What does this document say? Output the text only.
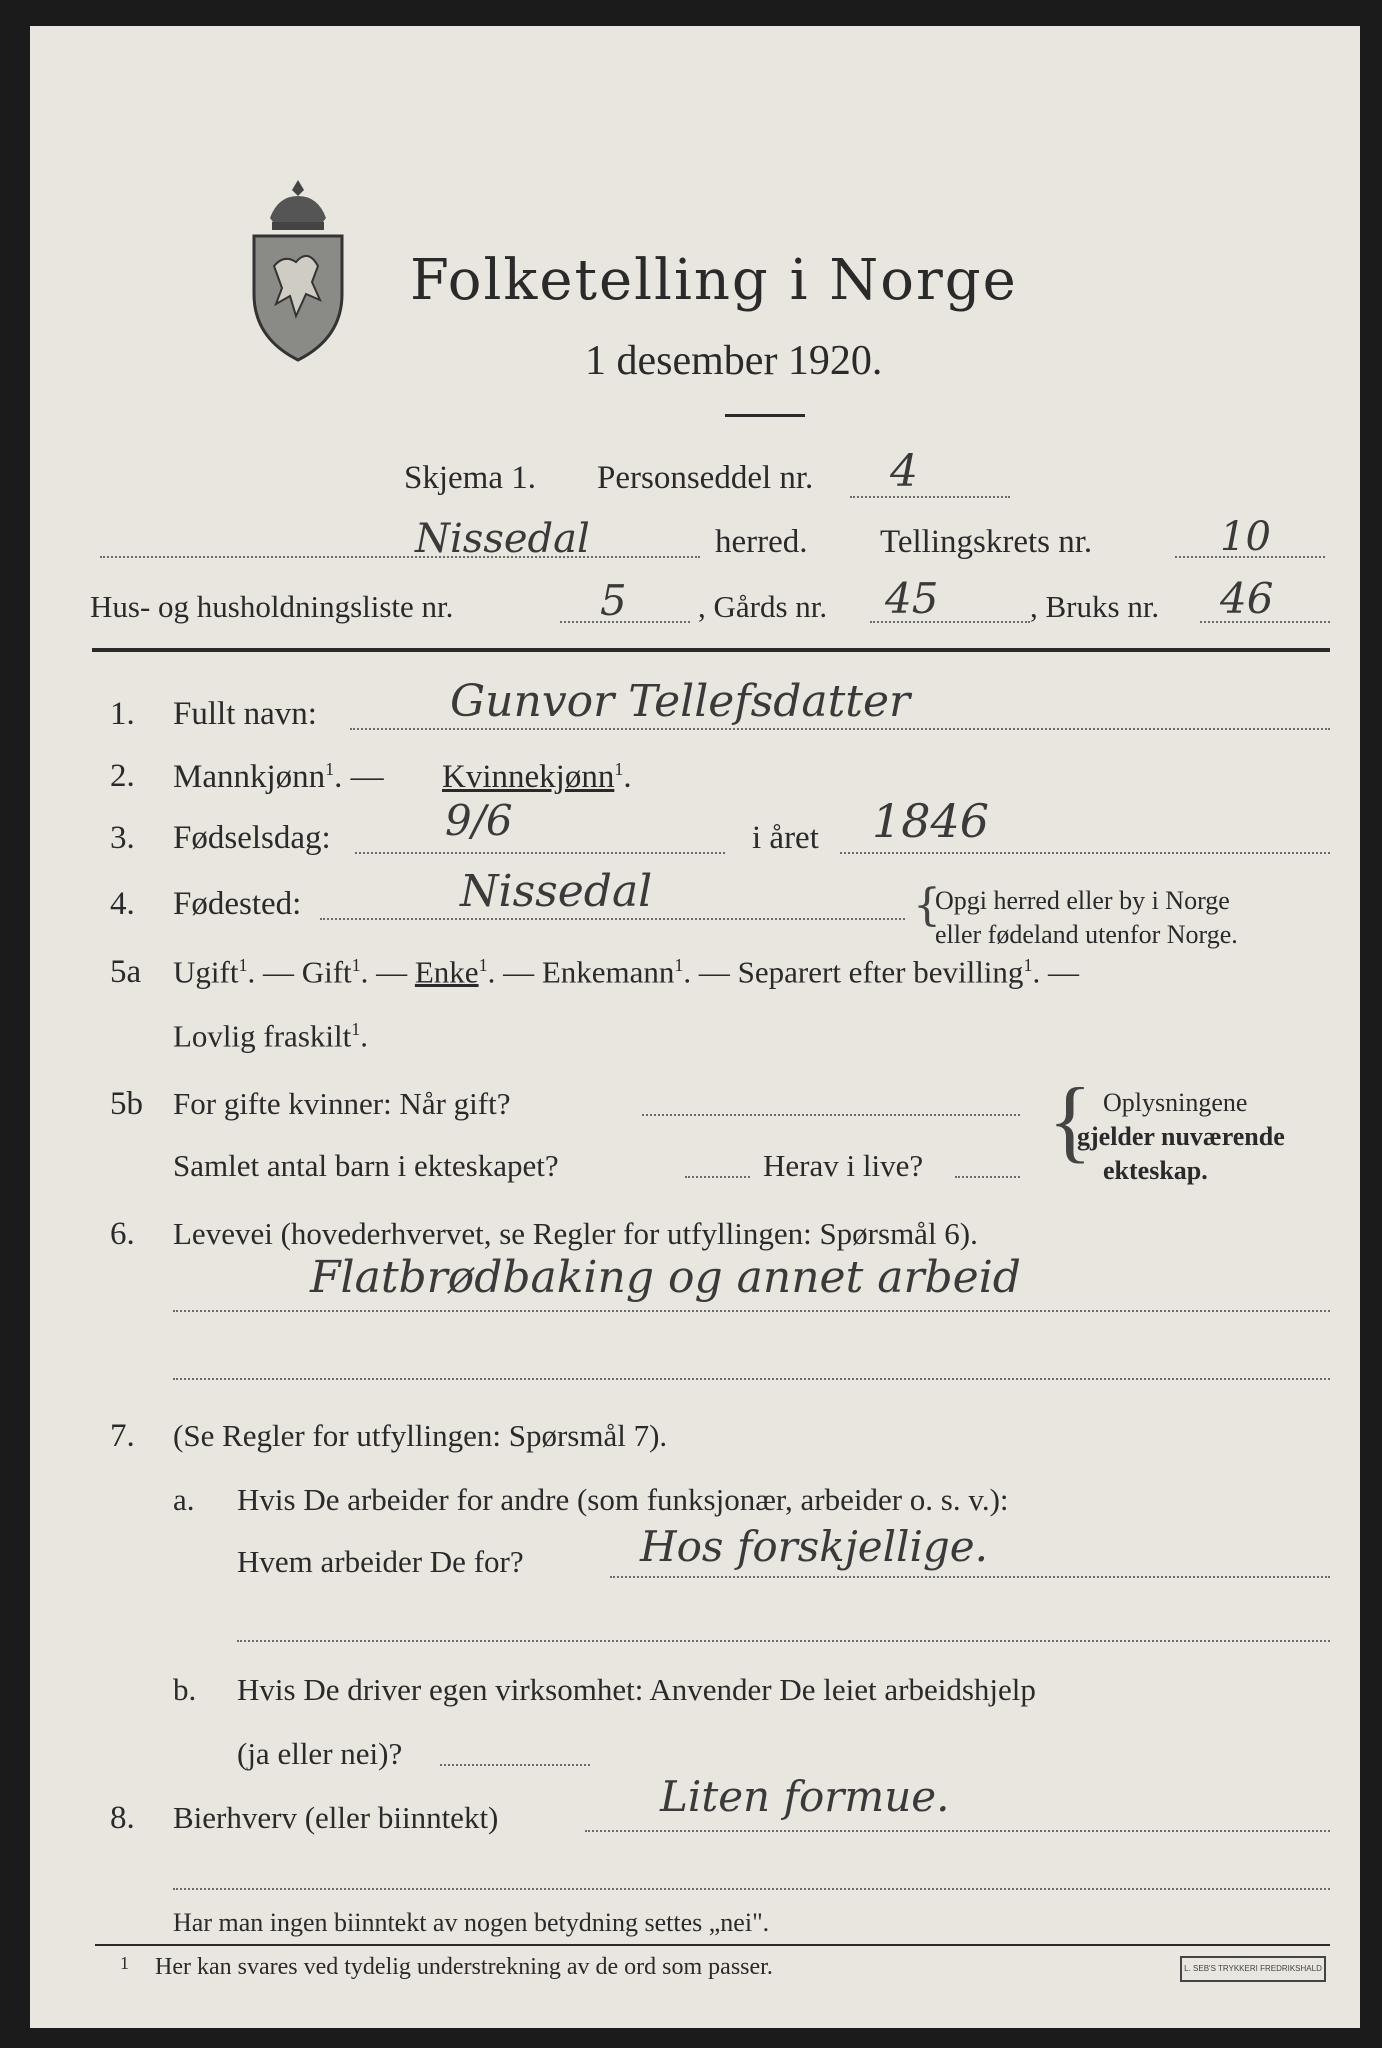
Folketelling i Norge
1 desember 1920.
Skjema 1. Personseddel nr. 4
Nissedal	herred. Tellingskrets nr.	10
Hus- og husholdningsliste nr.	5 , Gårds nr. 45	, Bruks nr. 46
1. Fullt navn:	Gunvor Tellefsdatter
2. Mannkjønn$^1$. — Kvinnekjønn$^1$.
3. Fødselsdag:	9/6	i året 1846
4. Fødested:	Nissedal	{
Opgi herred eller by i Norge
eller fødeland utenfor Norge.
5a Ugift$^1$. — Gift$^1$. — Enke$^1$. — Enkemann$^1$. — Separert efter bevilling$^1$. —
Lovlig fraskilt$^1$.
5b For gifte kvinner: Når gift?
Samlet antal barn i ekteskapet?	Herav i live? { Oplysningene
gjelder nuværende
ekteskap.
6. Levevei (hovederhvervet, se Regler for utfyllingen: Spørsmål 6).
Flatbrødbaking og annet arbeid
7. (Se Regler for utfyllingen: Spørsmål 7).
a. Hvis De arbeider for andre (som funksjonær, arbeider o. s. v.):
Hvem arbeider De for?	Hos forskjellige.
b. Hvis De driver egen virksomhet: Anvender De leiet arbeidshjelp
(ja eller nei)?
8. Bierhverv (eller biinntekt)	Liten formue.
Har man ingen biinntekt av nogen betydning settes „nei".
1 Her kan svares ved tydelig understrekning av de ord som passer.	L. SEB'S TRYKKERI FREDRIKSHALD
